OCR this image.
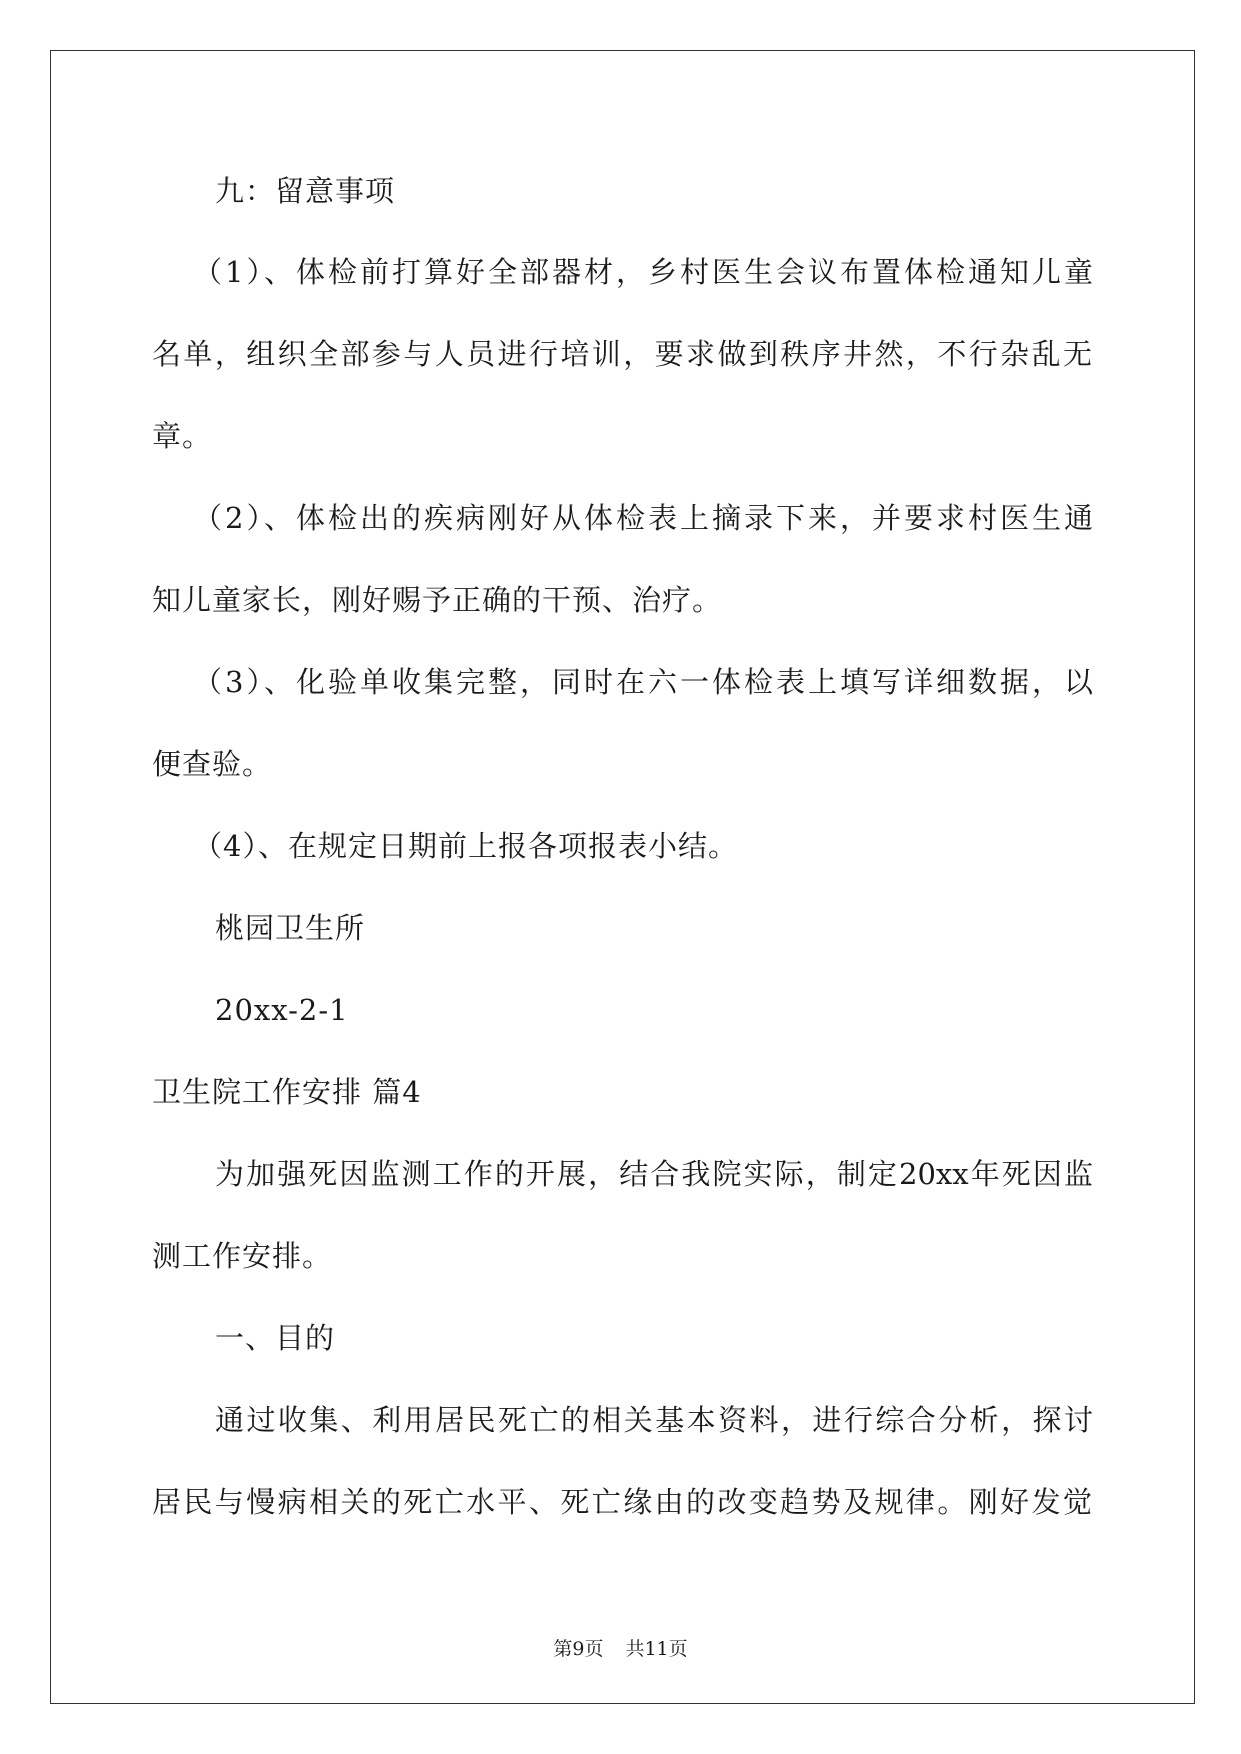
九：留意事项
（1）、体检前打算好全部器材，乡村医生会议布置体检通知儿童
名单，组织全部参与人员进行培训，要求做到秩序井然，不行杂乱无
章。
（2）、体检出的疾病刚好从体检表上摘录下来，并要求村医生通
知儿童家长，刚好赐予正确的干预、治疗。
（3）、化验单收集完整，同时在六一体检表上填写详细数据，以
便查验。
（4）、在规定日期前上报各项报表小结。
桃园卫生所
20xx-2-1
卫生院工作安排 篇4
为加强死因监测工作的开展，结合我院实际，制定20xx年死因监
测工作安排。
一、目的
通过收集、利用居民死亡的相关基本资料，进行综合分析，探讨
居民与慢病相关的死亡水平、死亡缘由的改变趋势及规律。刚好发觉
第9页 共11页
